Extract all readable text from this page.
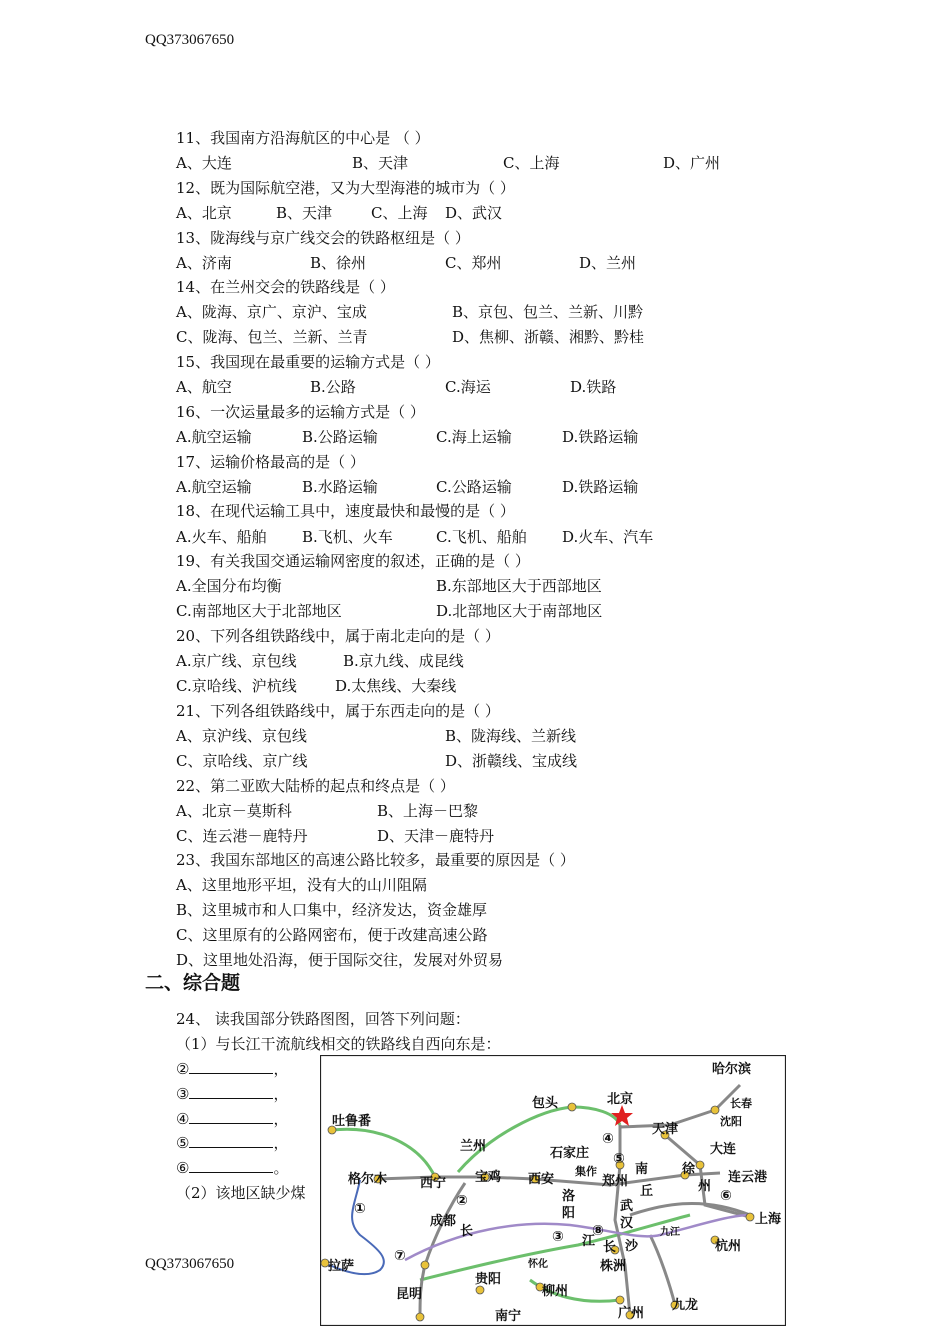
QQ373067650
11、我国南方沿海航区的中心是 （ ）
A、大连	B、天津	C、上海	D、广州
12、既为国际航空港，又为大型海港的城市为（ ）
A、北京	B、天津	C、上海 D、武汉
13、陇海线与京广线交会的铁路枢纽是（ ）
A、济南	B、徐州	C、郑州	D、兰州
14、在兰州交会的铁路线是（ ）
A、陇海、京广、京沪、宝成	B、京包、包兰、兰新、川黔
C、陇海、包兰、兰新、兰青	D、焦柳、浙赣、湘黔、黔桂
15、我国现在最重要的运输方式是（ ）
A、航空	B.公路	C.海运	D.铁路
16、一次运量最多的运输方式是（ ）
A.航空运输	B.公路运输	C.海上运输	D.铁路运输
17、运输价格最高的是（ ）
A.航空运输	B.水路运输	C.公路运输	D.铁路运输
18、在现代运输工具中，速度最快和最慢的是（ ）
A.火车、船舶 B.飞机、火车	C.飞机、船舶 D.火车、汽车
19、有关我国交通运输网密度的叙述，正确的是（ ）
A.全国分布均衡	B.东部地区大于西部地区
C.南部地区大于北部地区	D.北部地区大于南部地区
20、下列各组铁路线中，属于南北走向的是（ ）
A.京广线、京包线	B.京九线、成昆线
C.京哈线、沪杭线	D.太焦线、大秦线
21、下列各组铁路线中，属于东西走向的是（ ）
A、京沪线、京包线	B、陇海线、兰新线
C、京哈线、京广线	D、浙赣线、宝成线
22、第二亚欧大陆桥的起点和终点是（ ）
A、北京－莫斯科	B、上海－巴黎
C、连云港－鹿特丹	D、天津－鹿特丹
23、我国东部地区的高速公路比较多，最重要的原因是（ ）
A、这里地形平坦，没有大的山川阻隔
B、这里城市和人口集中，经济发达，资金雄厚
C、这里原有的公路网密布，便于改建高速公路
D、这里地处沿海，便于国际交往，发展对外贸易
二、综合题
24、 读我国部分铁路图图，回答下列问题：
（1）与长江干流航线相交的铁路线自西向东是：
②	，
③	，
④	，
⑤	，
⑥	。
（2）该地区缺少煤
QQ373067650
哈尔滨
长春
沈阳
大连
北京
天津
包头
吐鲁番
兰州	石家庄
格尔木	西宁 宝鸡 西安	郑州
集作	南
丘
徐
州
连云港
洛
阳
成都
武
汉	上海
杭州
长 沙
九江
株洲
贵阳
怀化
柳州
南宁	广州
九龙
昆明
拉萨
江
长
①	②
③
④
⑤
⑥
⑦
⑧
